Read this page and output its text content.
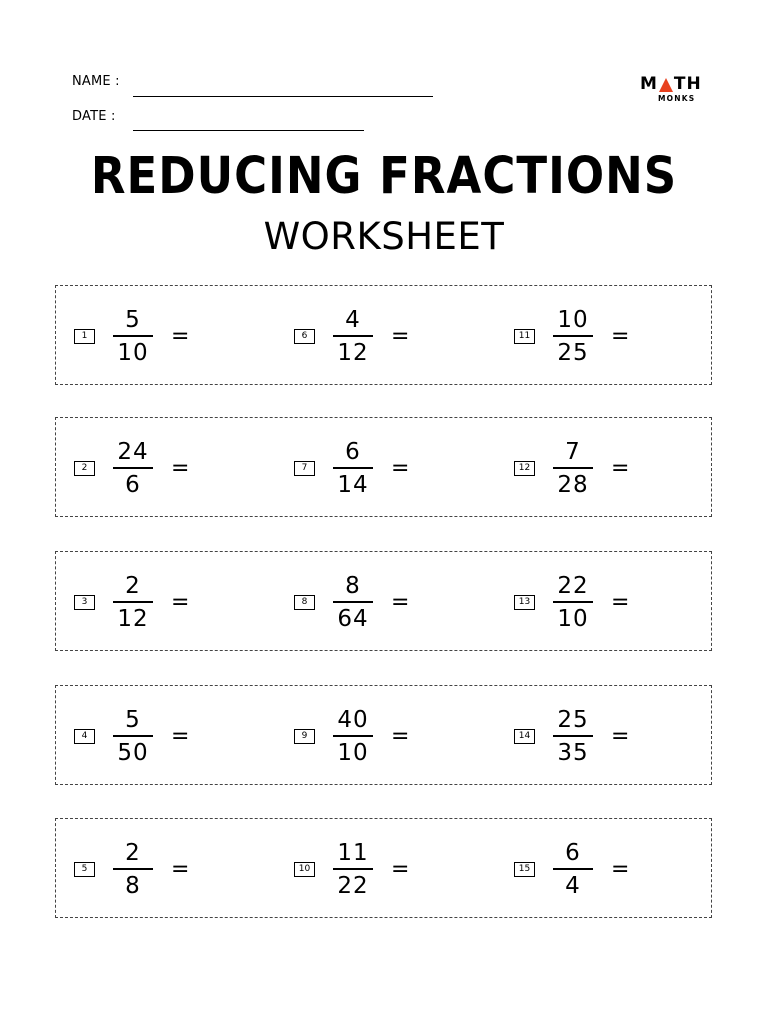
NAME :
DATE :
M TH
MONKS
REDUCING FRACTIONS
WORKSHEET
$1 \frac{5}{10}$ =	$6 \frac{4}{12}$ =	$11 \frac{10}{25}$ =
$2 \frac{24}{6}$ =	$7 \frac{6}{14}$ =	$12 \frac{7}{28}$ =
$3 \frac{2}{12}$ =	$8 \frac{8}{64}$ =	$13 \frac{22}{10}$ =
$4 \frac{5}{50}$ =	$9 \frac{40}{10}$ =	$14 \frac{25}{35}$ =
$5 \frac{2}{8}$ =	$10 \frac{11}{22}$ =	$15 \frac{6}{4}$ =
